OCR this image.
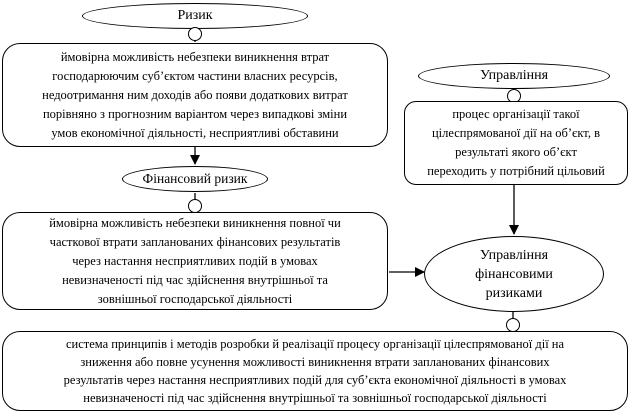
Ризик
ймовірна можливість небезпеки виникнення втрат
господарюючим суб’єктом частини власних ресурсів,
недоотримання ним доходів або появи додаткових витрат
порівняно з прогнозним варіантом через випадкові зміни
умов економічної діяльності, несприятливі обставини
Фінансовий ризик
ймовірна можливість небезпеки виникнення повної чи
часткової втрати запланованих фінансових результатів
через настання несприятливих подій в умовах
невизначеності під час здійснення внутрішньої та
зовнішньої господарської діяльності
Управління
процес організації такої
цілеспрямованої дії на об’єкт, в
результаті якого об’єкт
переходить у потрібний цільовий
Управління
фінансовими
ризиками
система принципів і методів розробки й реалізації процесу організації цілеспрямованої дії на
зниження або повне усунення можливості виникнення втрати запланованих фінансових
результатів через настання несприятливих подій для суб’єкта економічної діяльності в умовах
невизначеності під час здійснення внутрішньої та зовнішньої господарської діяльності
